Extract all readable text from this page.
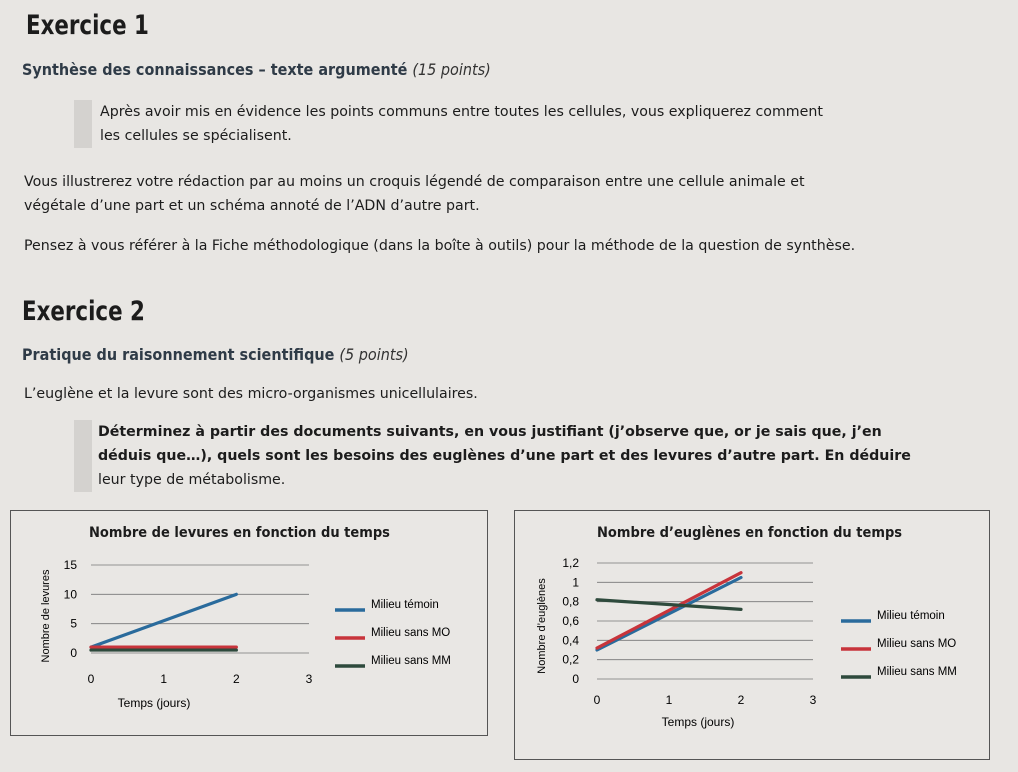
Exercice 1
Synthèse des connaissances – texte argumenté (15 points)
Après avoir mis en évidence les points communs entre toutes les cellules, vous expliquerez comment
les cellules se spécialisent.
Vous illustrerez votre rédaction par au moins un croquis légendé de comparaison entre une cellule animale et
végétale d’une part et un schéma annoté de l’ADN d’autre part.
Pensez à vous référer à la Fiche méthodologique (dans la boîte à outils) pour la méthode de la question de synthèse.
Exercice 2
Pratique du raisonnement scientifique (5 points)
L’euglène et la levure sont des micro-organismes unicellulaires.
Déterminez à partir des documents suivants, en vous justifiant (j’observe que, or je sais que, j’en
déduis que…), quels sont les besoins des euglènes d’une part et des levures d’autre part. En déduire
leur type de métabolisme.
Nombre de levures en fonction du temps
Nombre de levures
Temps (jours)
15
10
5
0
0	1	2	3
Milieu témoin
Milieu sans MO
Milieu sans MM
Nombre d’euglènes en fonction du temps
Nombre d’euglènes
Temps (jours)
1,2
1
0,8
0,6
0,4
0,2
0
0	1	2	3
Milieu témoin
Milieu sans MO
Milieu sans MM
